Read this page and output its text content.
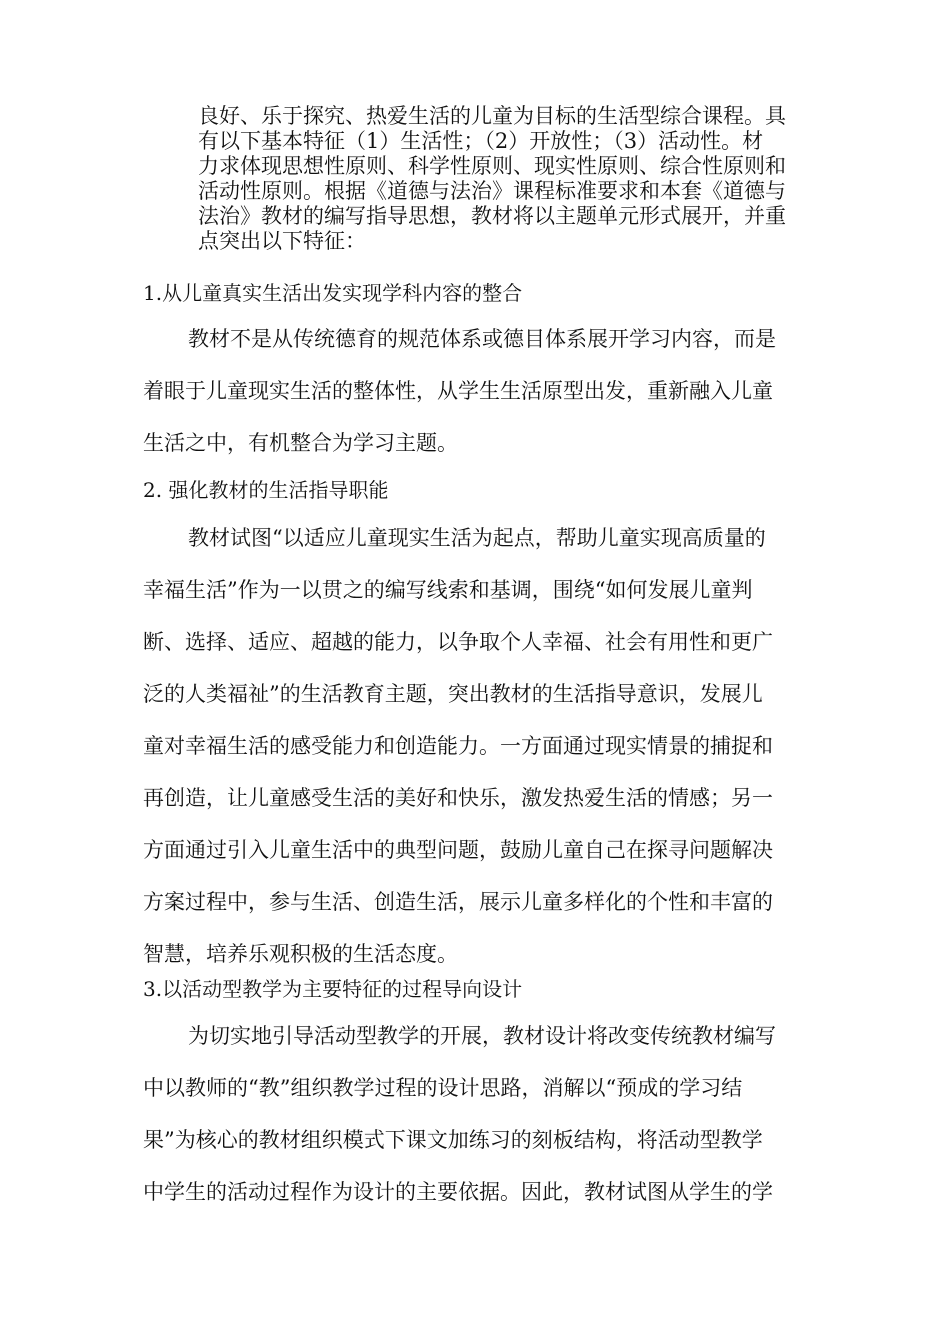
良好、乐于探究、热爱生活的儿童为目标的生活型综合课程。具
有以下基本特征（1）生活性；（2）开放性；（3）活动性。材
力求体现思想性原则、科学性原则、现实性原则、综合性原则和
活动性原则。根据《道德与法治》课程标准要求和本套《道德与
法治》教材的编写指导思想，教材将以主题单元形式展开，并重
点突出以下特征：
1.从儿童真实生活出发实现学科内容的整合
教材不是从传统德育的规范体系或德目体系展开学习内容，而是
着眼于儿童现实生活的整体性，从学生生活原型出发，重新融入儿童
生活之中，有机整合为学习主题。
2. 强化教材的生活指导职能
教材试图“以适应儿童现实生活为起点，帮助儿童实现高质量的
幸福生活”作为一以贯之的编写线索和基调，围绕“如何发展儿童判
断、选择、适应、超越的能力，以争取个人幸福、社会有用性和更广
泛的人类福祉”的生活教育主题，突出教材的生活指导意识，发展儿
童对幸福生活的感受能力和创造能力。一方面通过现实情景的捕捉和
再创造，让儿童感受生活的美好和快乐，激发热爱生活的情感；另一
方面通过引入儿童生活中的典型问题，鼓励儿童自己在探寻问题解决
方案过程中，参与生活、创造生活，展示儿童多样化的个性和丰富的
智慧，培养乐观积极的生活态度。
3.以活动型教学为主要特征的过程导向设计
为切实地引导活动型教学的开展，教材设计将改变传统教材编写
中以教师的“教”组织教学过程的设计思路，消解以“预成的学习结
果”为核心的教材组织模式下课文加练习的刻板结构，将活动型教学
中学生的活动过程作为设计的主要依据。因此，教材试图从学生的学
